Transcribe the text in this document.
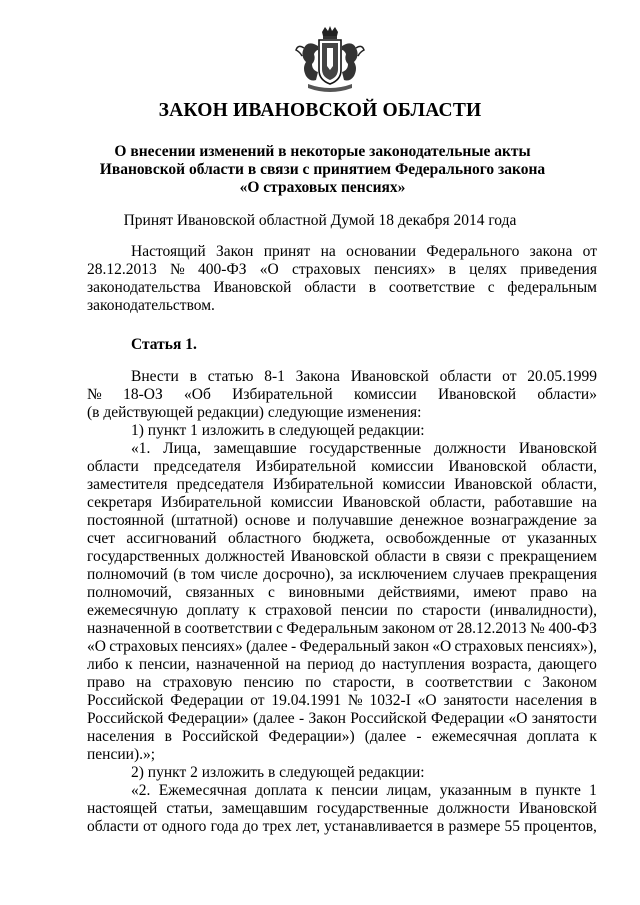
ЗАКОН ИВАНОВСКОЙ ОБЛАСТИ
О внесении изменений в некоторые законодательные акты
Ивановской области в связи с принятием Федерального закона
«О страховых пенсиях»
Принят Ивановской областной Думой 18 декабря 2014 года
Настоящий Закон принят на основании Федерального закона от
28.12.2013 № 400-ФЗ «О страховых пенсиях» в целях приведения
законодательства Ивановской области в соответствие с федеральным
законодательством.
Статья 1.
Внести в статью 8-1 Закона Ивановской области от 20.05.1999
№ 18-ОЗ «Об Избирательной комиссии Ивановской области»
(в действующей редакции) следующие изменения:
1) пункт 1 изложить в следующей редакции:
«1. Лица, замещавшие государственные должности Ивановской
области председателя Избирательной комиссии Ивановской области,
заместителя председателя Избирательной комиссии Ивановской области,
секретаря Избирательной комиссии Ивановской области, работавшие на
постоянной (штатной) основе и получавшие денежное вознаграждение за
счет ассигнований областного бюджета, освобожденные от указанных
государственных должностей Ивановской области в связи с прекращением
полномочий (в том числе досрочно), за исключением случаев прекращения
полномочий, связанных с виновными действиями, имеют право на
ежемесячную доплату к страховой пенсии по старости (инвалидности),
назначенной в соответствии с Федеральным законом от 28.12.2013 № 400-ФЗ
«О страховых пенсиях» (далее - Федеральный закон «О страховых пенсиях»),
либо к пенсии, назначенной на период до наступления возраста, дающего
право на страховую пенсию по старости, в соответствии с Законом
Российской Федерации от 19.04.1991 № 1032-I «О занятости населения в
Российской Федерации» (далее - Закон Российской Федерации «О занятости
населения в Российской Федерации») (далее - ежемесячная доплата к
пенсии).»;
2) пункт 2 изложить в следующей редакции:
«2. Ежемесячная доплата к пенсии лицам, указанным в пункте 1
настоящей статьи, замещавшим государственные должности Ивановской
области от одного года до трех лет, устанавливается в размере 55 процентов,
